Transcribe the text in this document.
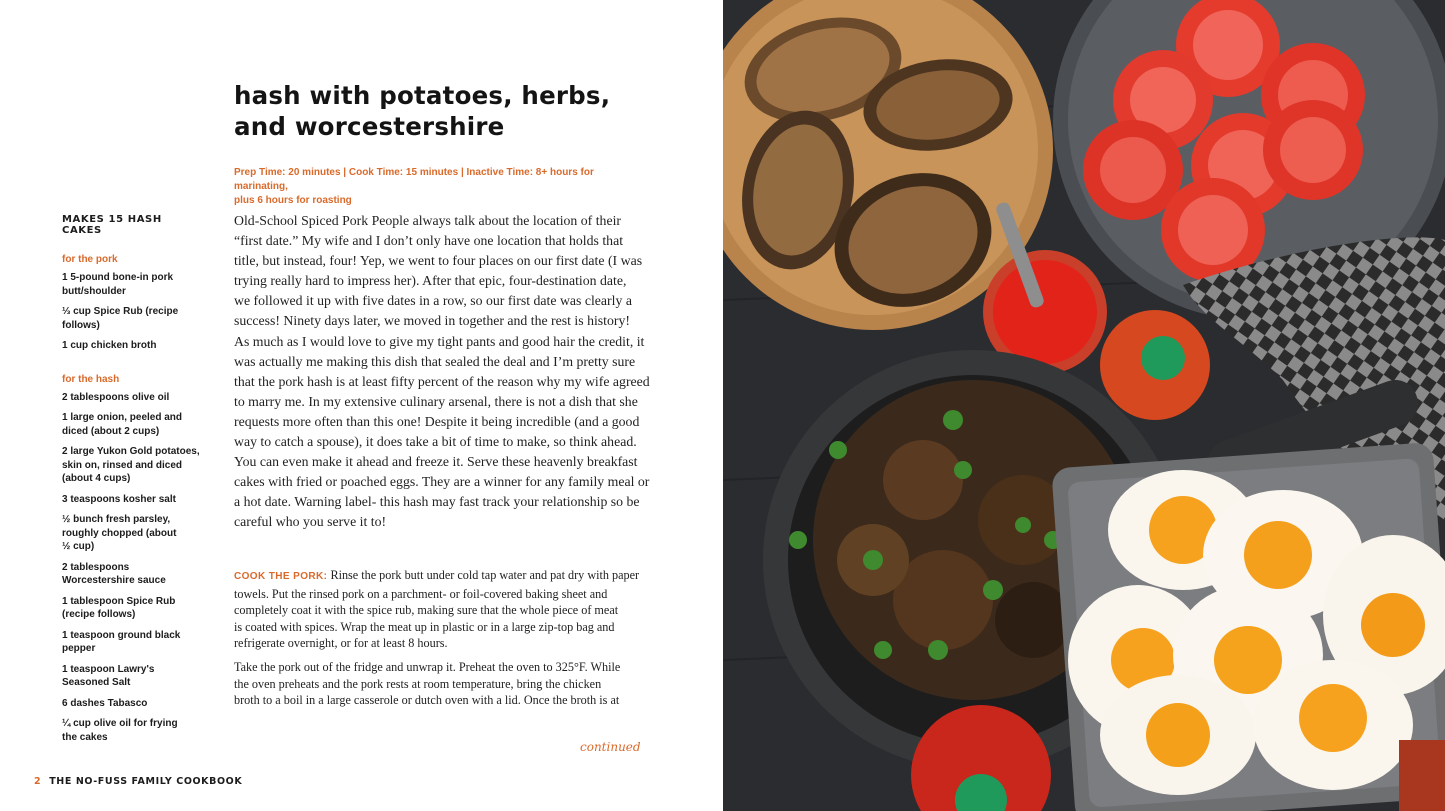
hash with potatoes, herbs,
and worcestershire
Prep Time: 20 minutes | Cook Time: 15 minutes | Inactive Time: 8+ hours for marinating,
plus 6 hours for roasting
MAKES 15 HASH CAKES
for the pork
1 5-pound bone-in pork
butt/shoulder
⅓ cup Spice Rub (recipe
follows)
1 cup chicken broth
for the hash
2 tablespoons olive oil
1 large onion, peeled and
diced (about 2 cups)
2 large Yukon Gold potatoes,
skin on, rinsed and diced
(about 4 cups)
3 teaspoons kosher salt
½ bunch fresh parsley,
roughly chopped (about
½ cup)
2 tablespoons
Worcestershire sauce
1 tablespoon Spice Rub
(recipe follows)
1 teaspoon ground black
pepper
1 teaspoon Lawry's
Seasoned Salt
6 dashes Tabasco
¼ cup olive oil for frying
the cakes
Old-School Spiced Pork People always talk about the location of their
“first date.” My wife and I don’t only have one location that holds that
title, but instead, four! Yep, we went to four places on our first date (I was
trying really hard to impress her). After that epic, four-destination date,
we followed it up with five dates in a row, so our first date was clearly a
success! Ninety days later, we moved in together and the rest is history!
As much as I would love to give my tight pants and good hair the credit, it
was actually me making this dish that sealed the deal and I’m pretty sure
that the pork hash is at least fifty percent of the reason why my wife agreed
to marry me. In my extensive culinary arsenal, there is not a dish that she
requests more often than this one! Despite it being incredible (and a good
way to catch a spouse), it does take a bit of time to make, so think ahead.
You can even make it ahead and freeze it. Serve these heavenly breakfast
cakes with fried or poached eggs. They are a winner for any family meal or
a hot date. Warning label- this hash may fast track your relationship so be
careful who you serve it to!
COOK THE PORK: Rinse the pork butt under cold tap water and pat dry with paper
towels. Put the rinsed pork on a parchment- or foil-covered baking sheet and
completely coat it with the spice rub, making sure that the whole piece of meat
is coated with spices. Wrap the meat up in plastic or in a large zip-top bag and
refrigerate overnight, or for at least 8 hours.
Take the pork out of the fridge and unwrap it. Preheat the oven to 325°F. While
the oven preheats and the pork rests at room temperature, bring the chicken
broth to a boil in a large casserole or dutch oven with a lid. Once the broth is at
continued
2 THE NO-FUSS FAMILY COOKBOOK
